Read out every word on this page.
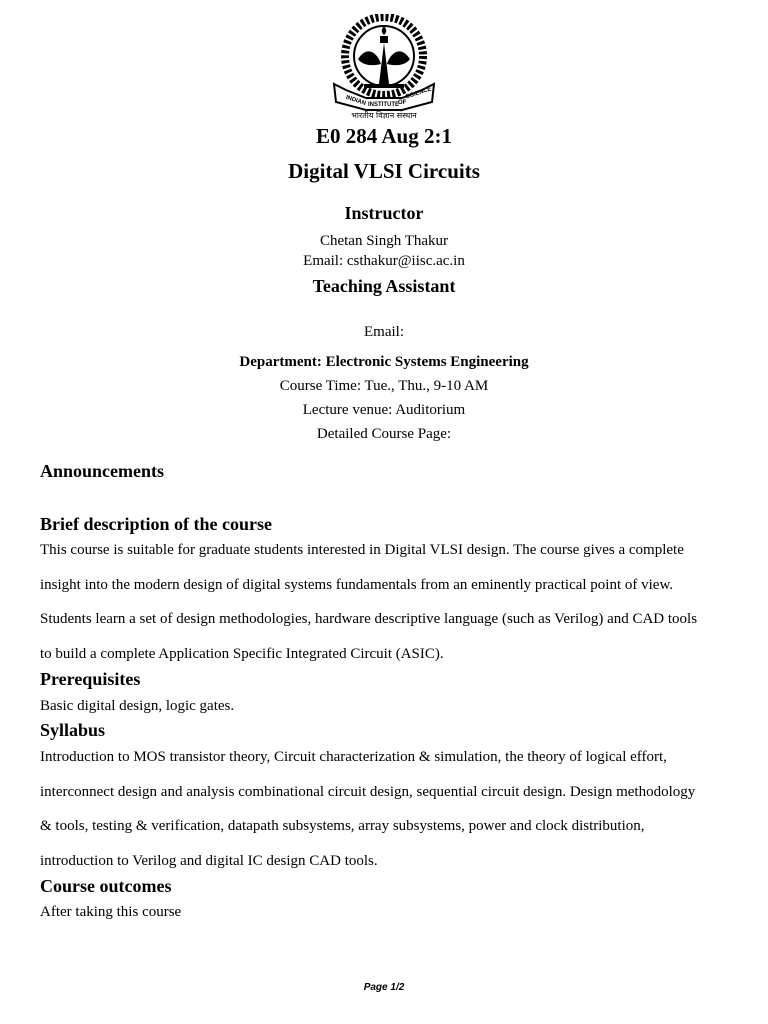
INDIAN INSTITUTE OF
SCIENCE
भारतीय विज्ञान संस्थान

E0 284 Aug 2:1

Digital VLSI Circuits

Instructor

Chetan Singh Thakur

Email: csthakur@iisc.ac.in

Teaching Assistant

Email:

Department: Electronic Systems Engineering

Course Time: Tue., Thu., 9-10 AM

Lecture venue: Auditorium

Detailed Course Page:

Announcements
Brief description of the course
This course is suitable for graduate students interested in Digital VLSI design. The course gives a complete
insight into the modern design of digital systems fundamentals from an eminently practical point of view.
Students learn a set of design methodologies, hardware descriptive language (such as Verilog) and CAD tools
to build a complete Application Specific Integrated Circuit (ASIC).
Prerequisites

Basic digital design, logic gates.

Syllabus
Introduction to MOS transistor theory, Circuit characterization & simulation, the theory of logical effort,
interconnect design and analysis combinational circuit design, sequential circuit design. Design methodology
& tools, testing & verification, datapath subsystems, array subsystems, power and clock distribution,
introduction to Verilog and digital IC design CAD tools.
Course outcomes

After taking this course

Page 1/2
